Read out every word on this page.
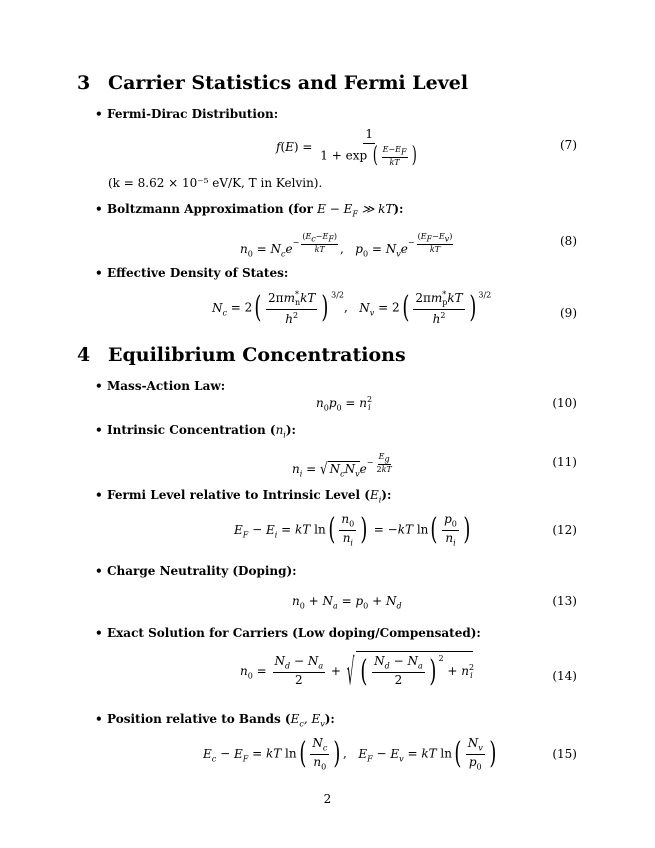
3 Carrier Statistics and Fermi Level
• Fermi-Dirac Distribution:
$f(E) = \frac{1}{1 + \exp ( \frac{E-E_F}{kT} )}$	(7)
(k = 8.62 × 10⁻⁵ eV/K, T in Kelvin).
• Boltzmann Approximation (for $E - E_F$ ≫ kT):
$n_0 = N_ce- \frac{(E_c-E_F)}{kT}$ ,   $p_0 = N_ve- \frac{(E_F-E_v)}{kT}$	(8)
• Effective Density of States:
$N_c = 2( \frac{2\pi m^*_nkT}{h^2}$ ) $^{3/2}$,   $N_v = 2( \frac{2\pi m^*_pkT}{h^2}$ ) $^{3/2}$
(9)
4 Equilibrium Concentrations
• Mass-Action Law:
$n_0p_0 = n^2_i$	(10)
• Intrinsic Concentration $(n_i)$:
$n_i$ = √ $N_cN_ve- \frac{E_g}{2kT}$	(11)
• Fermi Level relative to Intrinsic Level $(E_i)$:
$E_F - E_i$ = kT $\ln( \frac{n_0}{n_i}$ ) = −kT $\ln( \frac{p_0}{n_i}$ )	(12)
• Charge Neutrality (Doping):
$n_0 + N_a = p_0 + N_d$	(13)
• Exact Solution for Carriers (Low doping/Compensated):
$n_0 = \frac{N_d - N_a}{2}$ + √ ( $\frac{N_d - N_a}{2}$ ) $^2 + n^2_i$	(14)
• Position relative to Bands ($E_c$, $E_v$):
$E_c - E_F$ = kT $\ln( \frac{N_c}{n_0}$ ) ,   $E_F - E_v$ = kT $\ln( \frac{N_v}{p_0}$ )	(15)
2
